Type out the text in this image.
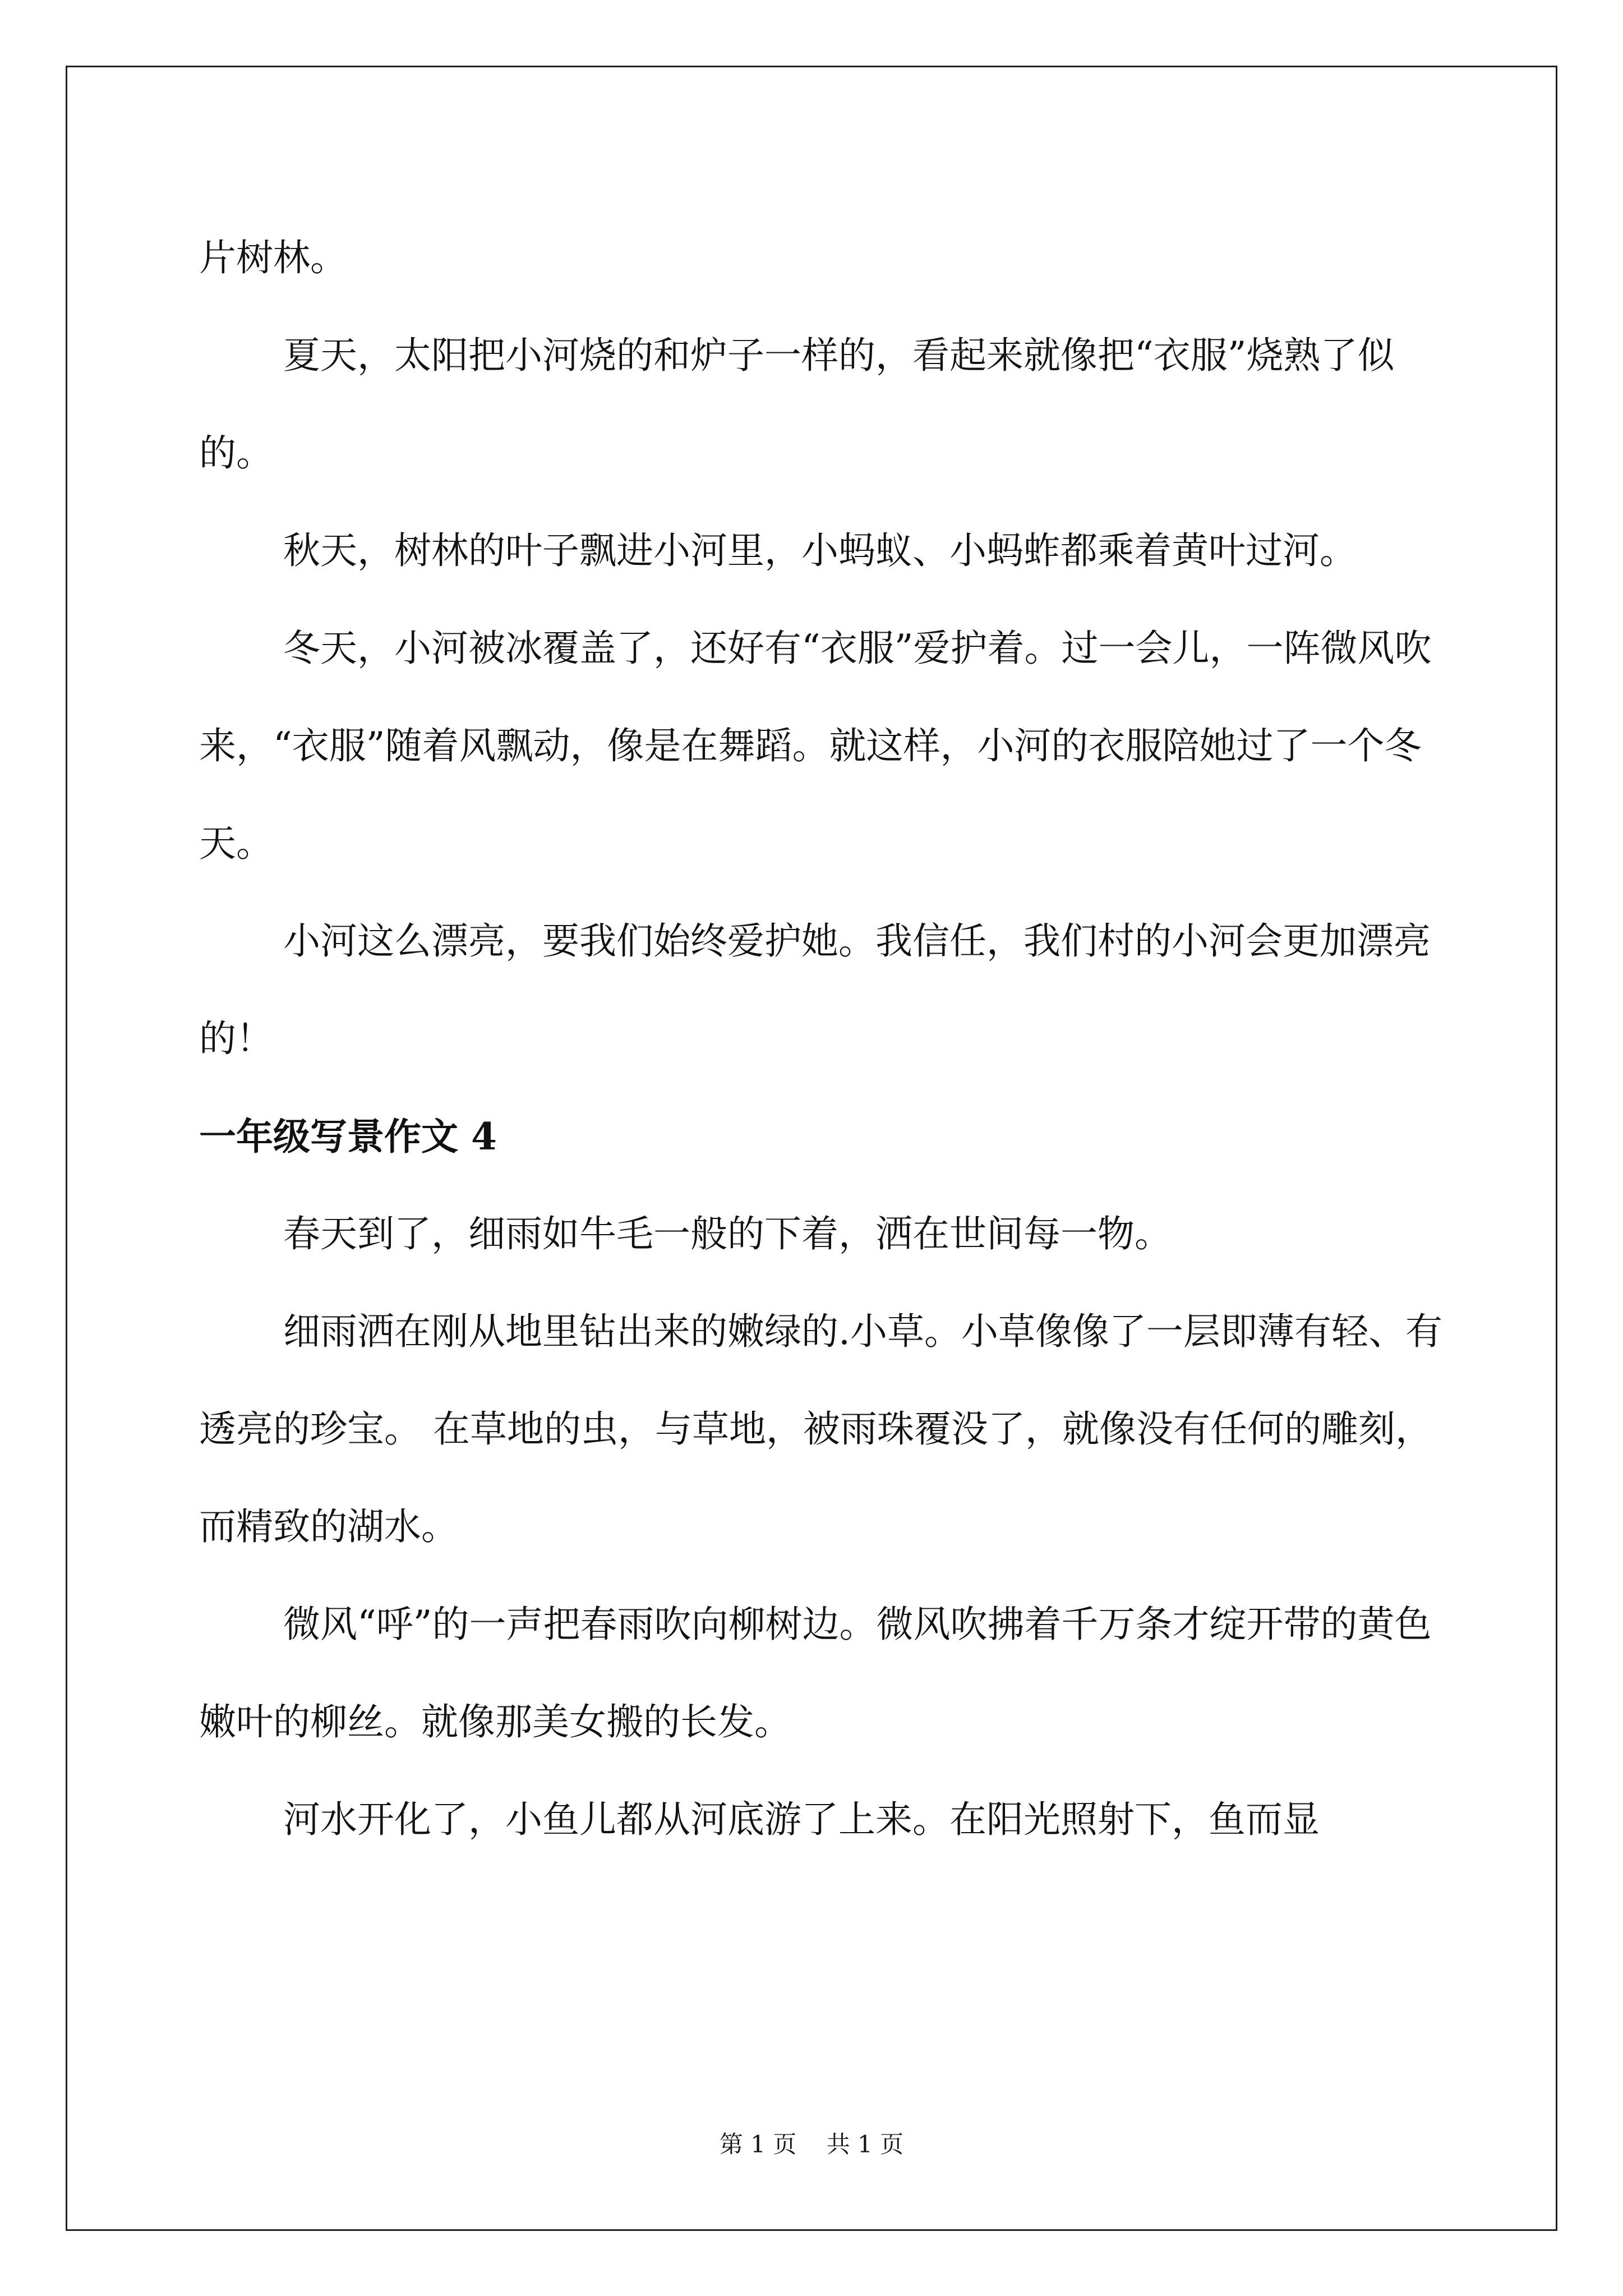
片树林。

夏天，太阳把小河烧的和炉子一样的，看起来就像把“衣服”烧熟了似的。

秋天，树林的叶子飘进小河里，小蚂蚁、小蚂蚱都乘着黄叶过河。

冬天，小河被冰覆盖了，还好有“衣服”爱护着。过一会儿，一阵微风吹来，“衣服”随着风飘动，像是在舞蹈。就这样，小河的衣服陪她过了一个冬天。

小河这么漂亮，要我们始终爱护她。我信任，我们村的小河会更加漂亮的！

一年级写景作文 4

春天到了，细雨如牛毛一般的下着，洒在世间每一物。

细雨洒在刚从地里钻出来的嫩绿的.小草。小草像像了一层即薄有轻、有透亮的珍宝。 在草地的虫，与草地，被雨珠覆没了，就像没有任何的雕刻，而精致的湖水。

微风“呼”的一声把春雨吹向柳树边。微风吹拂着千万条才绽开带的黄色嫩叶的柳丝。就像那美女搬的长发。

河水开化了，小鱼儿都从河底游了上来。在阳光照射下，鱼而显

第 1 页    共 1 页
